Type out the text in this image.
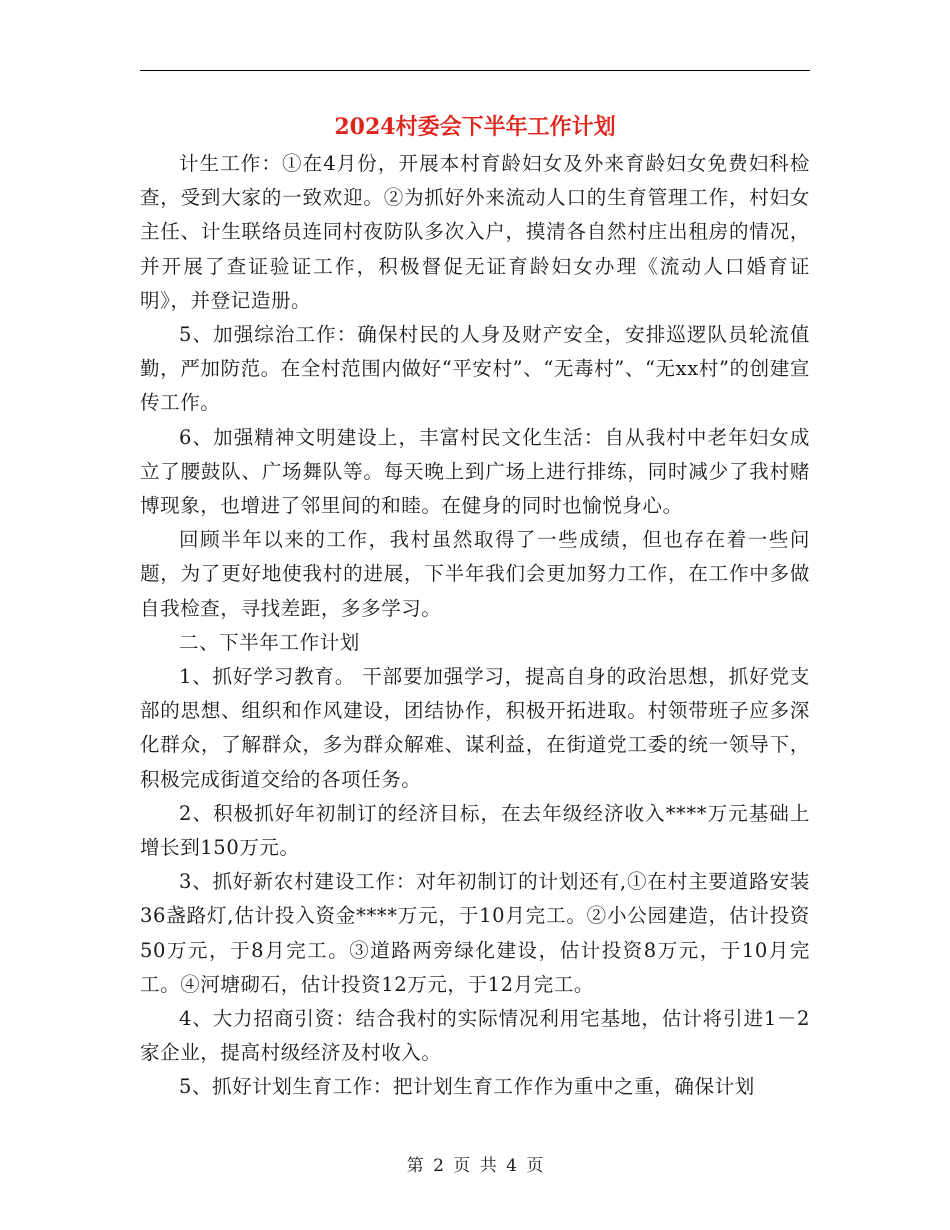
2024村委会下半年工作计划

计生工作：①在4月份，开展本村育龄妇女及外来育龄妇女免费妇科检查，受到大家的一致欢迎。②为抓好外来流动人口的生育管理工作，村妇女主任、计生联络员连同村夜防队多次入户，摸清各自然村庄出租房的情况，并开展了查证验证工作，积极督促无证育龄妇女办理《流动人口婚育证明》，并登记造册。

5、加强综治工作：确保村民的人身及财产安全，安排巡逻队员轮流值勤，严加防范。在全村范围内做好“平安村”、“无毒村”、“无xx村”的创建宣传工作。

6、加强精神文明建设上，丰富村民文化生活：自从我村中老年妇女成立了腰鼓队、广场舞队等。每天晚上到广场上进行排练，同时减少了我村赌博现象，也增进了邻里间的和睦。在健身的同时也愉悦身心。

回顾半年以来的工作，我村虽然取得了一些成绩，但也存在着一些问题，为了更好地使我村的进展，下半年我们会更加努力工作，在工作中多做自我检查，寻找差距，多多学习。

二、下半年工作计划

1、抓好学习教育。 干部要加强学习，提高自身的政治思想，抓好党支部的思想、组织和作风建设，团结协作，积极开拓进取。村领带班子应多深化群众，了解群众，多为群众解难、谋利益，在街道党工委的统一领导下，积极完成街道交给的各项任务。

2、积极抓好年初制订的经济目标，在去年级经济收入****万元基础上增长到150万元。

3、抓好新农村建设工作：对年初制订的计划还有,①在村主要道路安装36盏路灯,估计投入资金****万元，于10月完工。②小公园建造，估计投资50万元，于8月完工。③道路两旁绿化建设，估计投资8万元，于10月完工。④河塘砌石，估计投资12万元，于12月完工。

4、大力招商引资：结合我村的实际情况利用宅基地，估计将引进1－2家企业，提高村级经济及村收入。

5、抓好计划生育工作：把计划生育工作作为重中之重，确保计划

第 2 页 共 4 页
